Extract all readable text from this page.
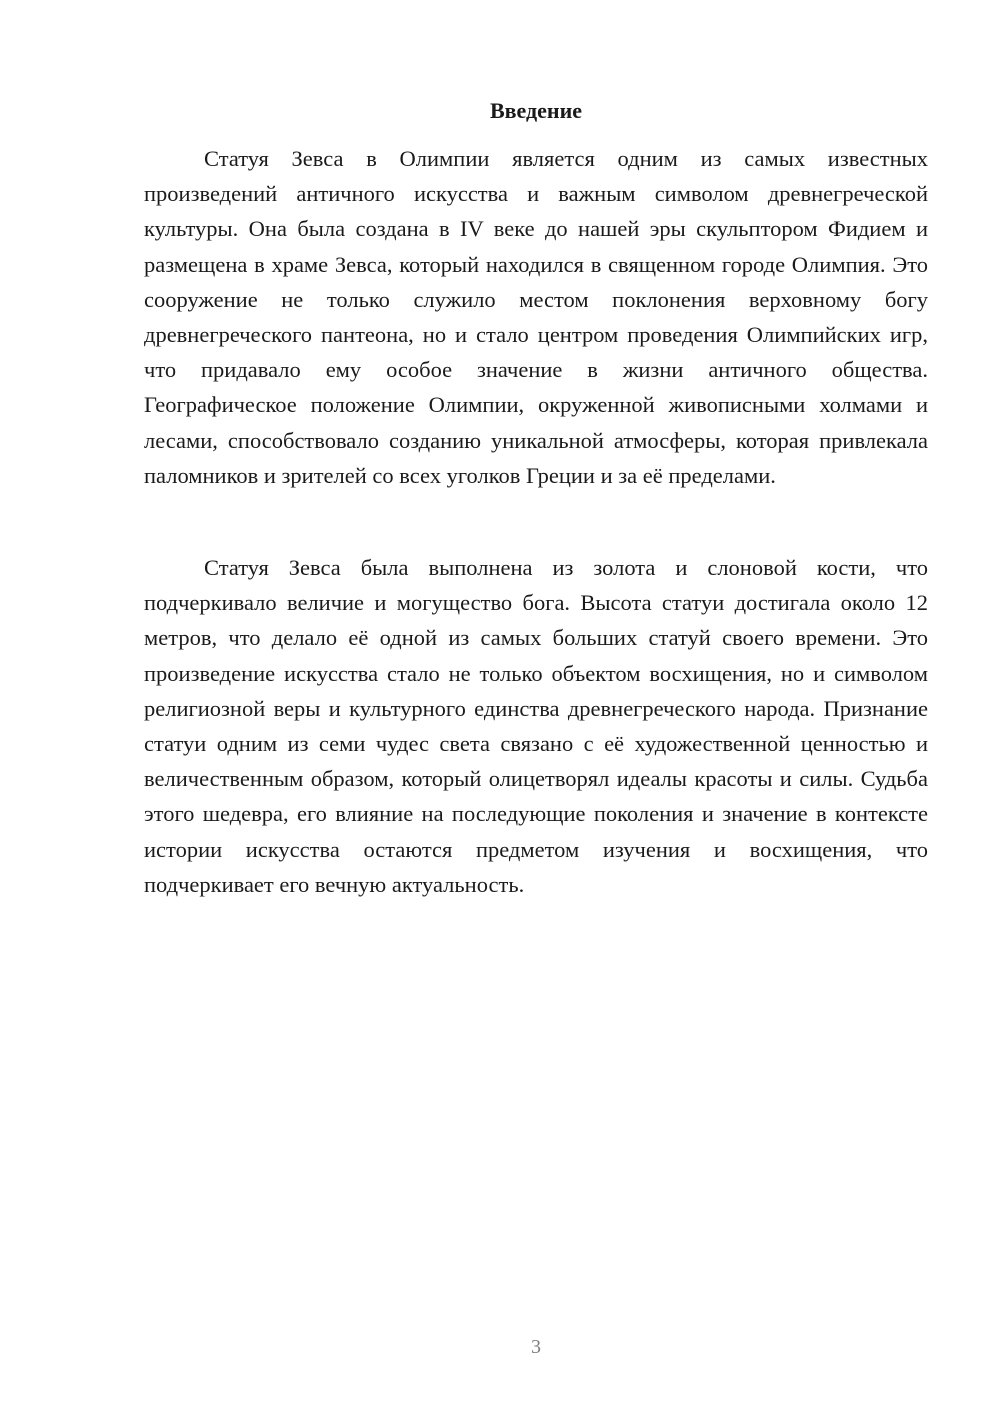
Введение

Статуя Зевса в Олимпии является одним из самых известных произведений античного искусства и важным символом древнегреческой культуры. Она была создана в IV веке до нашей эры скульптором Фидием и размещена в храме Зевса, который находился в священном городе Олимпия. Это сооружение не только служило местом поклонения верховному богу древнегреческого пантеона, но и стало центром проведения Олимпийских игр, что придавало ему особое значение в жизни античного общества. Географическое положение Олимпии, окруженной живописными холмами и лесами, способствовало созданию уникальной атмосферы, которая привлекала паломников и зрителей со всех уголков Греции и за её пределами.

Статуя Зевса была выполнена из золота и слоновой кости, что подчеркивало величие и могущество бога. Высота статуи достигала около 12 метров, что делало её одной из самых больших статуй своего времени. Это произведение искусства стало не только объектом восхищения, но и символом религиозной веры и культурного единства древнегреческого народа. Признание статуи одним из семи чудес света связано с её художественной ценностью и величественным образом, который олицетворял идеалы красоты и силы. Судьба этого шедевра, его влияние на последующие поколения и значение в контексте истории искусства остаются предметом изучения и восхищения, что подчеркивает его вечную актуальность.

3
